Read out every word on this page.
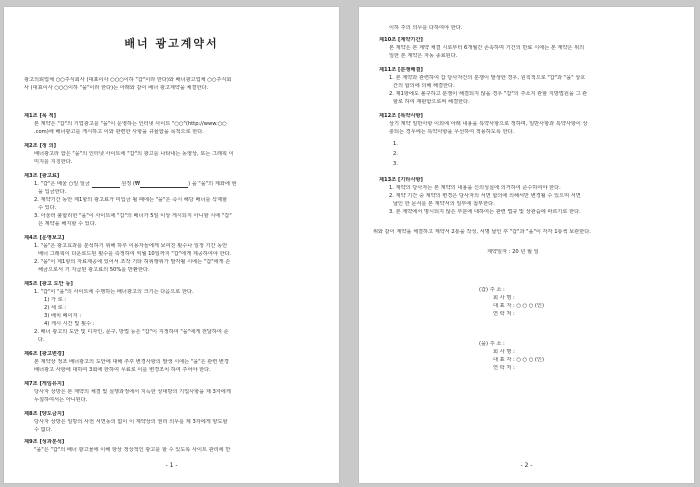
배너 광고계약서
광고의뢰업체 ○○주식회사 (대표이사 ○○○이하 "갑"이라 한다)와 배너광고업체 ○○주식회
사 (대표이사 ○○○이하 "을"이라 한다)는 아래와 같이 배너 광고계약을 체결한다.
제1조 [목 적]
본 계약은 "갑"의 기업광고를 "을"이 운영하는 인터넷 사이트 "○○"(http://www.○○
.com)에 배너광고를 게시하고 이와 관련한 사항을 규율함을 목적으로 한다.
제2조 [정 의]
배너광고라 함은 "을"의 인터넷 사이트에 "갑"의 광고를 나타내는 동영상, 또는 그래픽 이
미지를 지칭한다.
제3조 [광고료]
1. "갑"은 배울 ○일 일금	원정 (₩	) 을 "을"의 계좌에 현
을 입금한다.
2. 계약기간 동안 제1항의 광고료가 미입금 될 때에는 "을"은 즉시 해당 배너를 삭제할
수 있다.
3. 아울러 불합리한 "을"이 사이트에 "갑"의 배너가 5일 이상 게시되지 아니할 시에 "갑"
은 계약을 해지할 수 있다.
제4조 [운영보고]
1. "을"은 광고효과를 분석하기 위해 하루 이용자들에게 보여진 횟수나 일정 기간 동안
배너 그래픽이 다운로드된 횟수를 측정하여 익월 10일까지 "갑"에게 제공하여야 한다.
2. "을"이 제1항의 자료제공에 있어서 조작 기타 허위행위가 발각될 시에는 "갑"에게 손
해금으로서 기 지급된 광고료의 50%를 반환한다.
제5조 [광고 도안 등]
1. "갑"이 "을"의 사이트에 수행하는 배너광고의 크기는 다음으로 한다.
1) 가 로 :
2) 세 로 :
3) 배치 페이지 :
4) 게시 시간 및 횟수 :
2. 배너 광고의 도안 및 디자인, 문구, 방법 등은 "갑"이 지정하여 "을"에게 전달하여 준
다.
제6조 [광고변경]
본 계약상 정조 배너광고의 도안에 대해 추후 변경사항의 발생 시에는 "을"은 관련 변경
배너광고 사항에 대하여 3회에 한하여 무료로 이를 변경조치 하여 주어야 한다.
제7조 [게임유지]
당사자 상방은 본 계약의 체결 및 실행과정에서 지득한 상대방의 기업사항을 제 3자에게
누설하여서는 아니된다.
제8조 [양도금지]
당사자 상방은 일방의 사전 서면동의 없이 이 계약상의 권리 의무를 제 3자에게 양도할
수 없다.
제9조 [성과분석]
"을"은 "갑"의 배너 광고물에 이해 항상 정상적인 광고를 할 수 있도록 사이트 관리에 만
- 1 -
이하 주의 의무를 다하여야 한다.
제10조 [계약기간]
본 계약은 본 계약 체결 시로부터 6개월간 존속하며 기간의 만료 시에는 본 계약은 위의
일한 본 계약은 자동 종료된다.
제11조 [분쟁해결]
1. 본 계약과 관련하여 갑 당사자간의 분쟁이 발생한 경우, 원칙적으로 "갑"과 "을" 상호
간의 합의에 의해 해결한다.
2. 제1항에도 불구하고 분쟁이 해결되지 않을 경우 "갑"의 주소지 관할 지방법원을 그 관
할로 하여 재판함으로써 해결한다.
제12조 [특약사항]
상기 계약 일반사항 이외에 아래 내용을 특약사항으로 정하며, 일반사항과 특약사항이 상
충되는 경우에는 특약사항을 우선하여 적용하도록 한다.
1.
2.
3.
제13조 [기타사항]
1. 계약의 당사자는 본 계약의 내용을 신의성실에 의거하여 준수하여야 한다.
2. 계약 기간 중 계약의 변경은 당사자의 서면 합의에 의해서만 변경될 수 있으며 서면
날인 한 문서를 본 계약서의 일부에 첨부한다.
3. 본 계약에서 명시되지 않은 부분에 대하여는 관련 법규 및 상관습에 따르기로 한다.
위와 같이 계약을 체결하고 계약서 2통을 작성, 서명 날인 후 "갑"과 "을"이 각각 1통씩 보관한다.
계약일자 : 20 년 월 일
(갑) 주 소 :
회 사 명 :
대 표 자 : ○ ○ ○ (인)
연 락 처 :
(을) 주 소 :
회 사 명 :
대 표 자 : ○ ○ ○ (인)
연 락 처 :
- 2 -
